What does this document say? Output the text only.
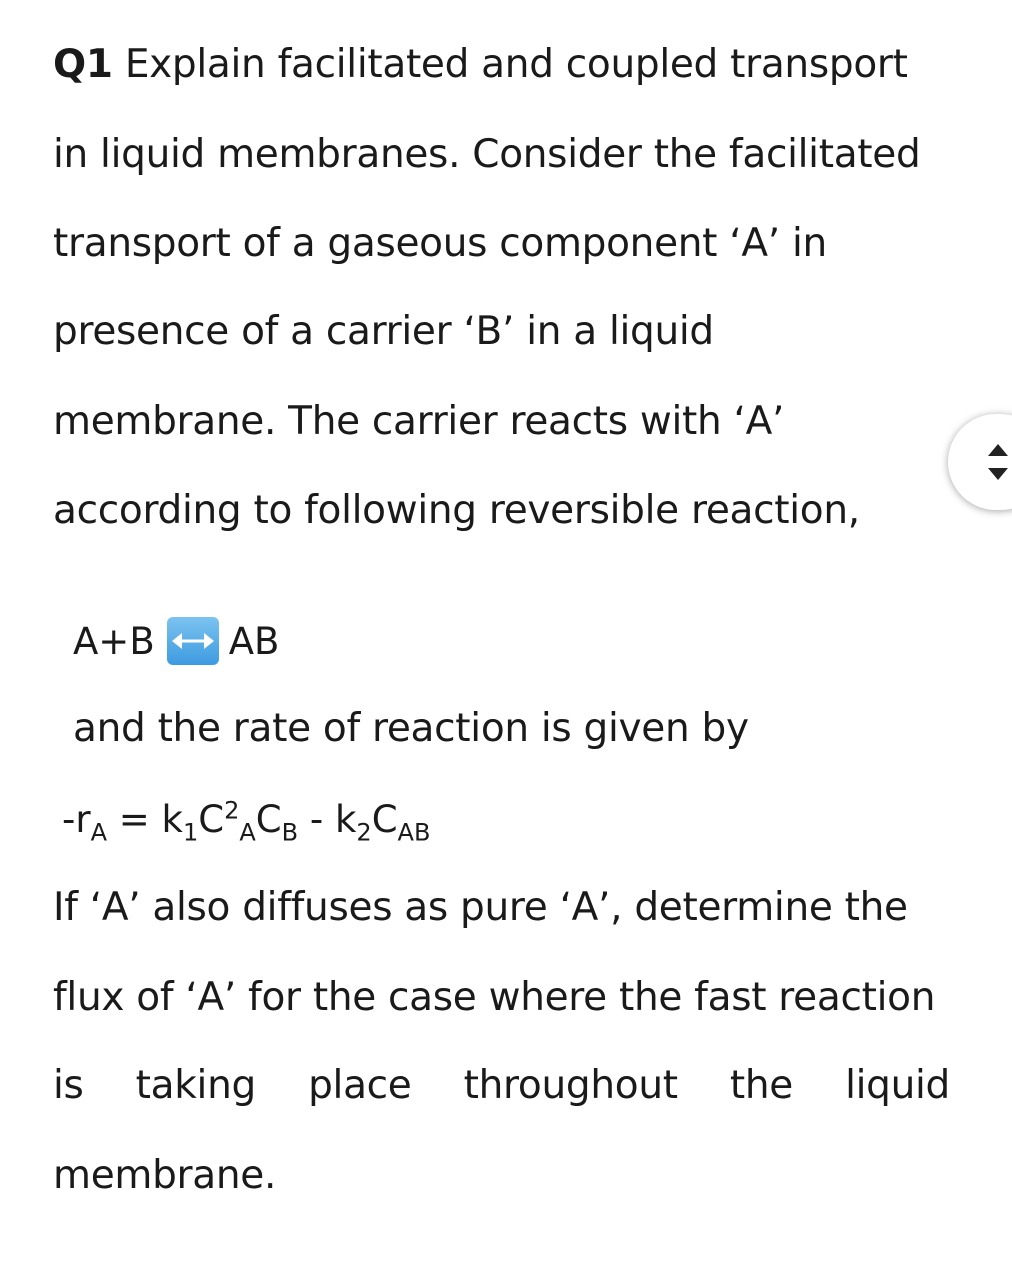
Q1 Explain facilitated and coupled transport
in liquid membranes. Consider the facilitated
transport of a gaseous component ‘A’ in
presence of a carrier ‘B’ in a liquid
membrane. The carrier reacts with ‘A’
according to following reversible reaction,
A+B AB
and the rate of reaction is given by
$-r_A = k_1C^2_AC_B - k_2C_{AB}$
If ‘A’ also diffuses as pure ‘A’, determine the
flux of ‘A’ for the case where the fast reaction
is taking place throughout the liquid
membrane.
